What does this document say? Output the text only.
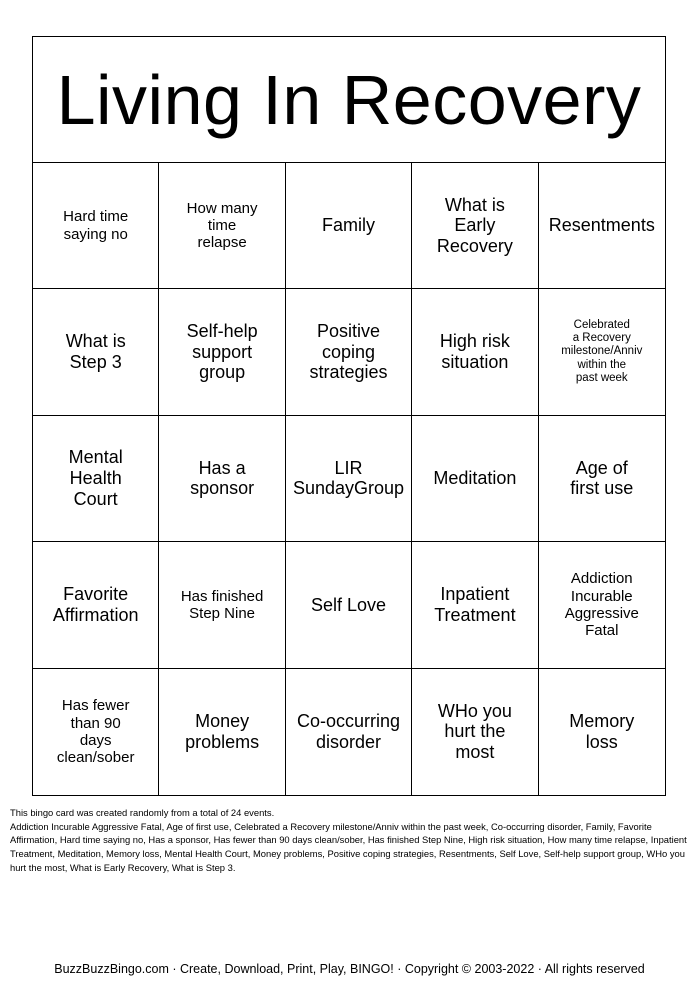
Living In Recovery
Hard time
saying no
How many
time
relapse
Family
What is
Early
Recovery
Resentments
What is
Step 3
Self-help
support
group
Positive
coping
strategies
High risk
situation
Celebrated
a Recovery
milestone/Anniv
within the
past week
Mental
Health
Court
Has a
sponsor
LIR
SundayGroup
Meditation
Age of
first use
Favorite
Affirmation
Has finished
Step Nine	Self Love
Inpatient
Treatment
Addiction
Incurable
Aggressive
Fatal
Has fewer
than 90
days
clean/sober
Money
problems
Co-occurring
disorder
WHo you
hurt the
most
Memory
loss
This bingo card was created randomly from a total of 24 events.
Addiction Incurable Aggressive Fatal, Age of first use, Celebrated a Recovery milestone/Anniv within the past week, Co-occurring disorder, Family, Favorite Affirmation, Hard time saying no, Has a sponsor, Has fewer than 90 days clean/sober, Has finished Step Nine, High risk situation, How many time relapse, Inpatient Treatment, Meditation, Memory loss, Mental Health Court, Money problems, Positive coping strategies, Resentments, Self Love, Self-help support group, WHo you hurt the most, What is Early Recovery, What is Step 3.
BuzzBuzzBingo.com · Create, Download, Print, Play, BINGO! · Copyright © 2003-2022 · All rights reserved
